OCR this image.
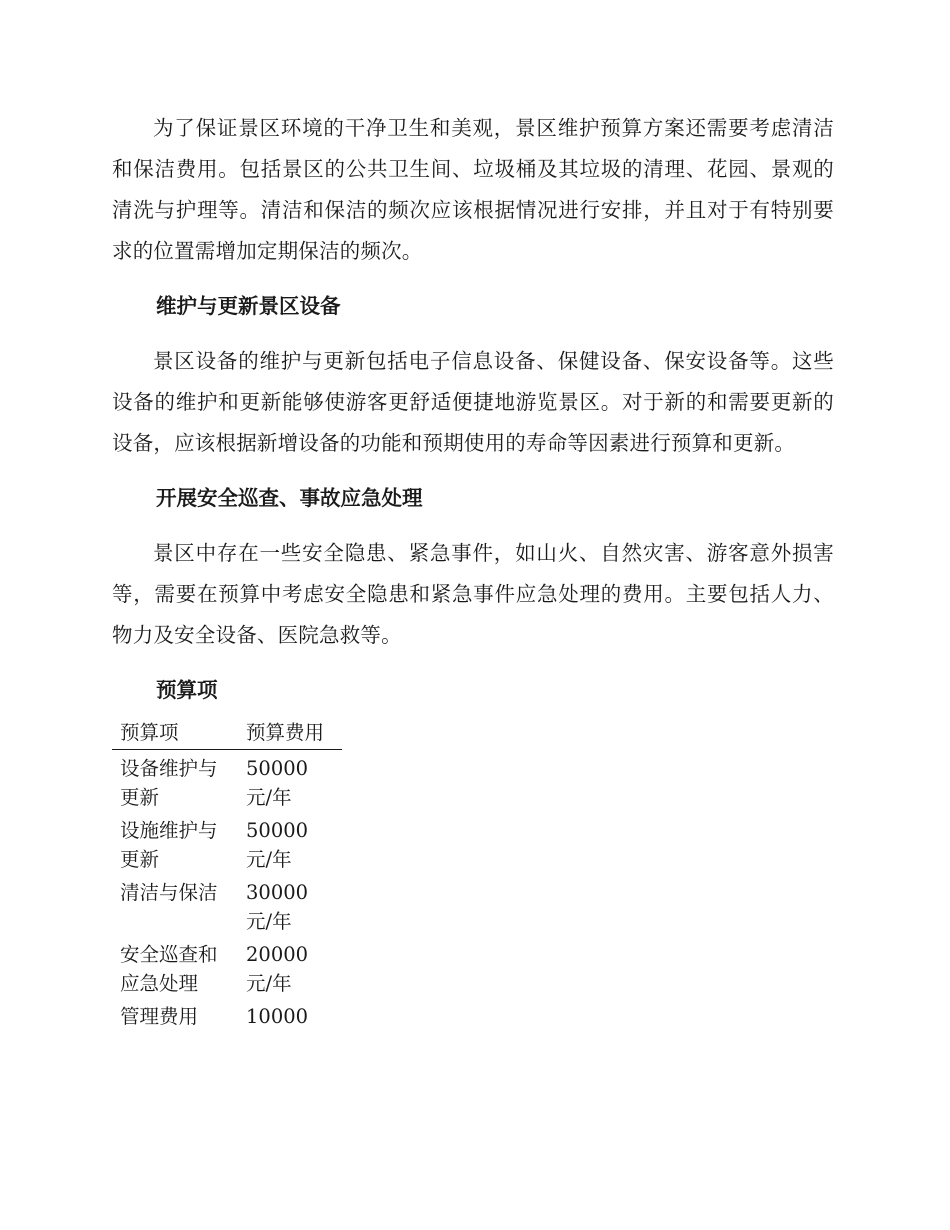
为了保证景区环境的干净卫生和美观，景区维护预算方案还需要考虑清洁和保洁费用。包括景区的公共卫生间、垃圾桶及其垃圾的清理、花园、景观的清洗与护理等。清洁和保洁的频次应该根据情况进行安排，并且对于有特别要求的位置需增加定期保洁的频次。

维护与更新景区设备

景区设备的维护与更新包括电子信息设备、保健设备、保安设备等。这些设备的维护和更新能够使游客更舒适便捷地游览景区。对于新的和需要更新的设备，应该根据新增设备的功能和预期使用的寿命等因素进行预算和更新。

开展安全巡查、事故应急处理

景区中存在一些安全隐患、紧急事件，如山火、自然灾害、游客意外损害等，需要在预算中考虑安全隐患和紧急事件应急处理的费用。主要包括人力、物力及安全设备、医院急救等。

预算项
预算项	预算费用
设备维护与更新	50000 元/年
设施维护与更新	50000 元/年
清洁与保洁	30000 元/年
安全巡查和应急处理	20000 元/年
管理费用	10000
